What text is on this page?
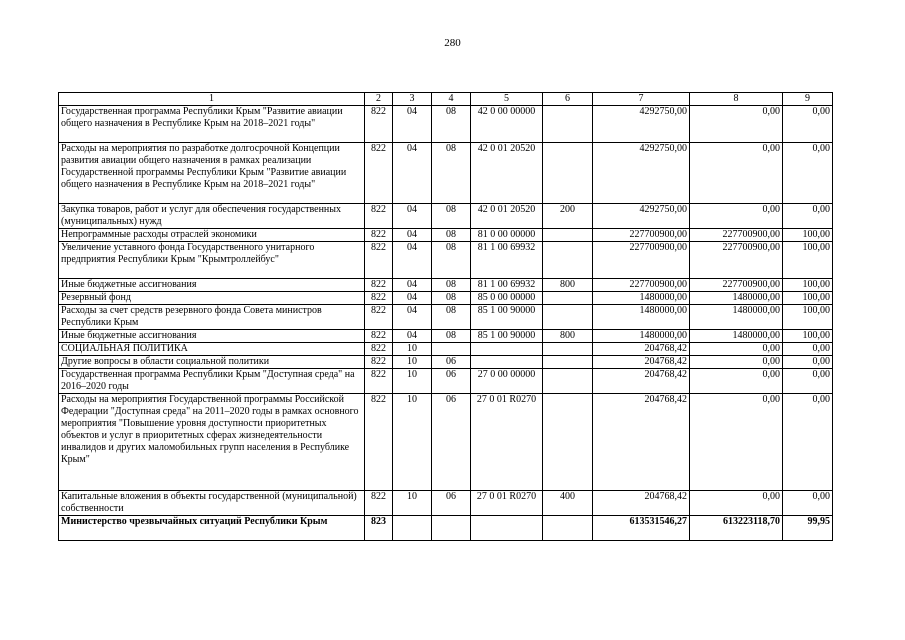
280
1	2	3	4	5	6	7	8	9
Государственная программа Республики Крым "Развитие авиации общего назначения в Республике Крым на 2018–2021 годы"	822	04	08	42 0 00 00000		4292750,00	0,00	0,00
Расходы на мероприятия по разработке долгосрочной Концепции развития авиации общего назначения в рамках реализации Государственной программы Республики Крым "Развитие авиации общего назначения в Республике Крым на 2018–2021 годы"	822	04	08	42 0 01 20520		4292750,00	0,00	0,00
Закупка товаров, работ и услуг для обеспечения государственных (муниципальных) нужд	822	04	08	42 0 01 20520	200	4292750,00	0,00	0,00
Непрограммные расходы отраслей экономики	822	04	08	81 0 00 00000		227700900,00	227700900,00	100,00
Увеличение уставного фонда Государственного унитарного предприятия Республики Крым "Крымтроллейбус"	822	04	08	81 1 00 69932		227700900,00	227700900,00	100,00
Иные бюджетные ассигнования	822	04	08	81 1 00 69932	800	227700900,00	227700900,00	100,00
Резервный фонд	822	04	08	85 0 00 00000		1480000,00	1480000,00	100,00
Расходы за счет средств резервного фонда Совета министров Республики Крым	822	04	08	85 1 00 90000		1480000,00	1480000,00	100,00
Иные бюджетные ассигнования	822	04	08	85 1 00 90000	800	1480000,00	1480000,00	100,00
СОЦИАЛЬНАЯ ПОЛИТИКА	822	10				204768,42	0,00	0,00
Другие вопросы в области социальной политики	822	10	06			204768,42	0,00	0,00
Государственная программа Республики Крым "Доступная среда" на 2016–2020 годы	822	10	06	27 0 00 00000		204768,42	0,00	0,00
Расходы на мероприятия Государственной программы Российской Федерации "Доступная среда" на 2011–2020 годы в рамках основного мероприятия "Повышение уровня доступности приоритетных объектов и услуг в приоритетных сферах жизнедеятельности инвалидов и других маломобильных групп населения в Республике Крым"	822	10	06	27 0 01 R0270		204768,42	0,00	0,00
Капитальные вложения в объекты государственной (муниципальной) собственности	822	10	06	27 0 01 R0270	400	204768,42	0,00	0,00
Министерство чрезвычайных ситуаций Республики Крым	823					613531546,27	613223118,70	99,95
